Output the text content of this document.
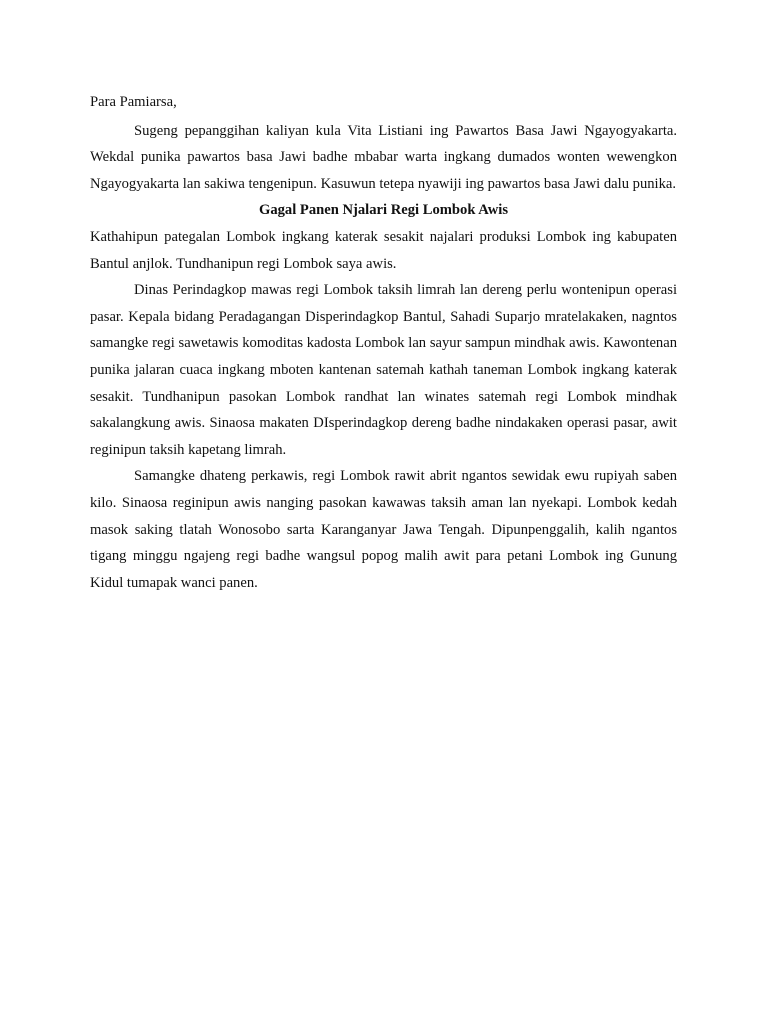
Para Pamiarsa,

Sugeng pepanggihan kaliyan kula Vita Listiani ing Pawartos Basa Jawi Ngayogyakarta. Wekdal punika pawartos basa Jawi badhe mbabar warta ingkang dumados wonten wewengkon Ngayogyakarta lan sakiwa tengenipun. Kasuwun tetepa nyawiji ing pawartos basa Jawi dalu punika.

Gagal Panen Njalari Regi Lombok Awis

Kathahipun pategalan Lombok ingkang katerak sesakit najalari produksi Lombok ing kabupaten Bantul anjlok. Tundhanipun regi Lombok saya awis.

Dinas Perindagkop mawas regi Lombok taksih limrah lan dereng perlu wontenipun operasi pasar. Kepala bidang Peradagangan Disperindagkop Bantul, Sahadi Suparjo mratelakaken, nagntos samangke regi sawetawis komoditas kadosta Lombok lan sayur sampun mindhak awis. Kawontenan punika jalaran cuaca ingkang mboten kantenan satemah kathah taneman Lombok ingkang katerak sesakit. Tundhanipun pasokan Lombok randhat lan winates satemah regi Lombok mindhak sakalangkung awis. Sinaosa makaten DIsperindagkop dereng badhe nindakaken operasi pasar, awit reginipun taksih kapetang limrah.

Samangke dhateng perkawis, regi Lombok rawit abrit ngantos sewidak ewu rupiyah saben kilo. Sinaosa reginipun awis nanging pasokan kawawas taksih aman lan nyekapi. Lombok kedah masok saking tlatah Wonosobo sarta Karanganyar Jawa Tengah. Dipunpenggalih, kalih ngantos tigang minggu ngajeng regi badhe wangsul popog malih awit para petani Lombok ing Gunung Kidul tumapak wanci panen.
